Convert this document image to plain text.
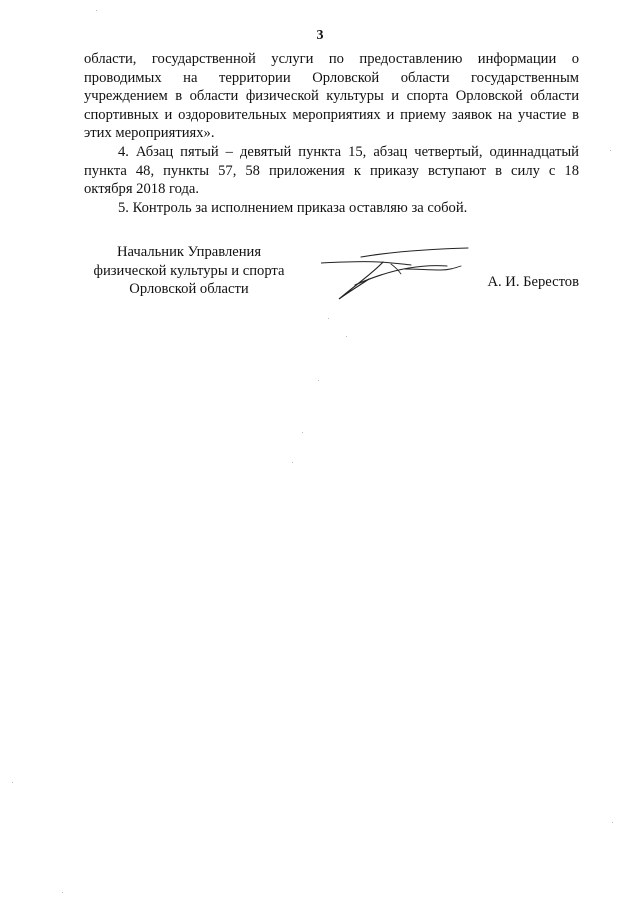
3

области, государственной услуги по предоставлению информации о
проводимых на территории Орловской области государственным
учреждением в области физической культуры и спорта Орловской области
спортивных и оздоровительных мероприятиях и приему заявок на участие в
этих мероприятиях».

4. Абзац пятый – девятый пункта 15, абзац четвертый, одиннадцатый
пункта 48, пункты 57, 58 приложения к приказу вступают в силу с 18
октября 2018 года.

5. Контроль за исполнением приказа оставляю за собой.

Начальник Управления
физической культуры и спорта
Орловской области	А. И. Берестов
